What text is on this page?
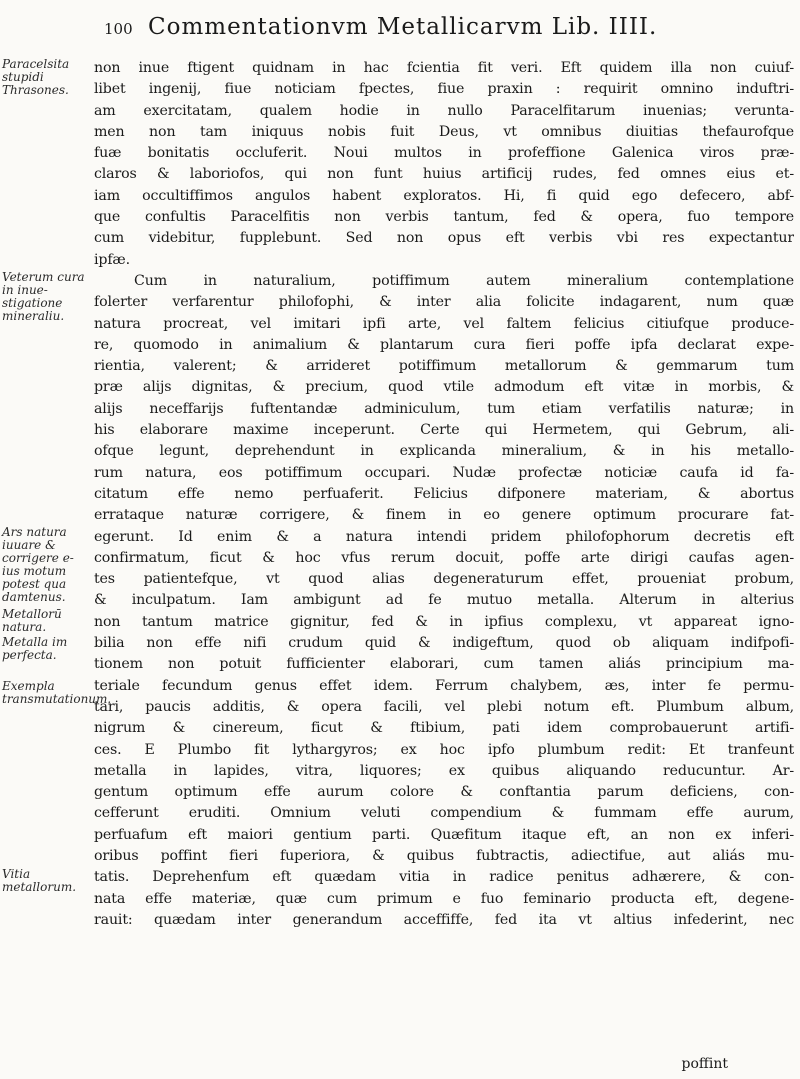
100 Commentationvm Metallicarvm Lib. IIII.
Paracelsita stupidi Thrasones.
Veterum cura in inue-stigatione mineraliu.
Ars natura iuuare & corrigere e-ius motum potest qua damtenus.
Metallorū natura.
Metalla im perfecta.
Exempla transmutationum.
Vitia metallorum.
non inue ftigent quidnam in hac fcientia fit veri. Eft quidem illa non cuiuf-
libet ingenij, fiue noticiam fpectes, fiue praxin : requirit omnino induftri-
am exercitatam, qualem hodie in nullo Paracelfitarum inuenias; veruntа-
men non tam iniquus nobis fuit Deus, vt omnibus diuitias thefaurofque
fuæ bonitatis occluferit. Noui multos in profeffione Galenica viros præ-
claros & laboriofos, qui non funt huius artificij rudes, fed omnes eius et-
iam occultiffimos angulos habent exploratos. Hi, fi quid ego defecero, abf-
que confultis Paracelfitis non verbis tantum, fed & opera, fuo tempore
cum videbitur, fupplebunt. Sed non opus eft verbis vbi res expectantur
ipfæ.
Cum in naturalium, potiffimum autem mineralium contemplatione
folerter verfarentur philofophi, & inter alia folicite indagarent, num quæ
natura procreat, vel imitari ipfi arte, vel faltem felicius citiufque produce-
re, quomodo in animalium & plantarum cura fieri poffe ipfa declarat expe-
rientia, valerent; & arrideret potiffimum metallorum & gemmarum tum
præ alijs dignitas, & precium, quod vtile admodum eft vitæ in morbis, &
alijs neceffarijs fuftentandæ adminiculum, tum etiam verfatilis naturæ; in
his elaborare maxime inceperunt. Certe qui Hermetem, qui Gebrum, ali-
ofque legunt, deprehendunt in explicanda mineralium, & in his metallo-
rum natura, eos potiffimum occupari. Nudæ profectæ noticiæ caufa id fa-
citatum effe nemo perfuaferit. Felicius difponere materiam, & abortus
errataque naturæ corrigere, & finem in eo genere optimum procurare fat-
egerunt. Id enim & a natura intendi pridem philofophorum decretis eft
confirmatum, ficut & hoc vfus rerum docuit, poffe arte dirigi caufas agen-
tes patientefque, vt quod alias degeneraturum effet, proueniat probum,
& inculpatum. Iam ambigunt ad fe mutuo metalla. Alterum in alterius
non tantum matrice gignitur, fed & in ipfius complexu, vt appareat igno-
bilia non effe nifi crudum quid & indigeftum, quod ob aliquam indifpofi-
tionem non potuit fufficienter elaborari, cum tamen aliás principium ma-
teriale fecundum genus effet idem. Ferrum chalybem, æs, inter fe permu-
tari, paucis additis, & opera facili, vel plebi notum eft. Plumbum album,
nigrum & cinereum, ficut & ftibium, pati idem comprobauerunt artifi-
ces. E Plumbo fit lythargyros; ex hoc ipfo plumbum redit: Et tranfeunt
metalla in lapides, vitra, liquores; ex quibus aliquando reducuntur. Ar-
gentum optimum effe aurum colore & conftantia parum deficiens, con-
cefferunt eruditi. Omnium veluti compendium & fummam effe aurum,
perfuafum eft maiori gentium parti. Quæfitum itaque eft, an non ex inferi-
oribus poffint fieri fuperiora, & quibus fubtractis, adiectifue, aut aliás mu-
tatis. Deprehenfum eft quædam vitia in radice penitus adhærere, & con-
nata effe materiæ, quæ cum primum e fuo feminario producta eft, degene-
rauit: quædam inter generandum acceffiffe, fed ita vt altius infederint, nec
poffint
